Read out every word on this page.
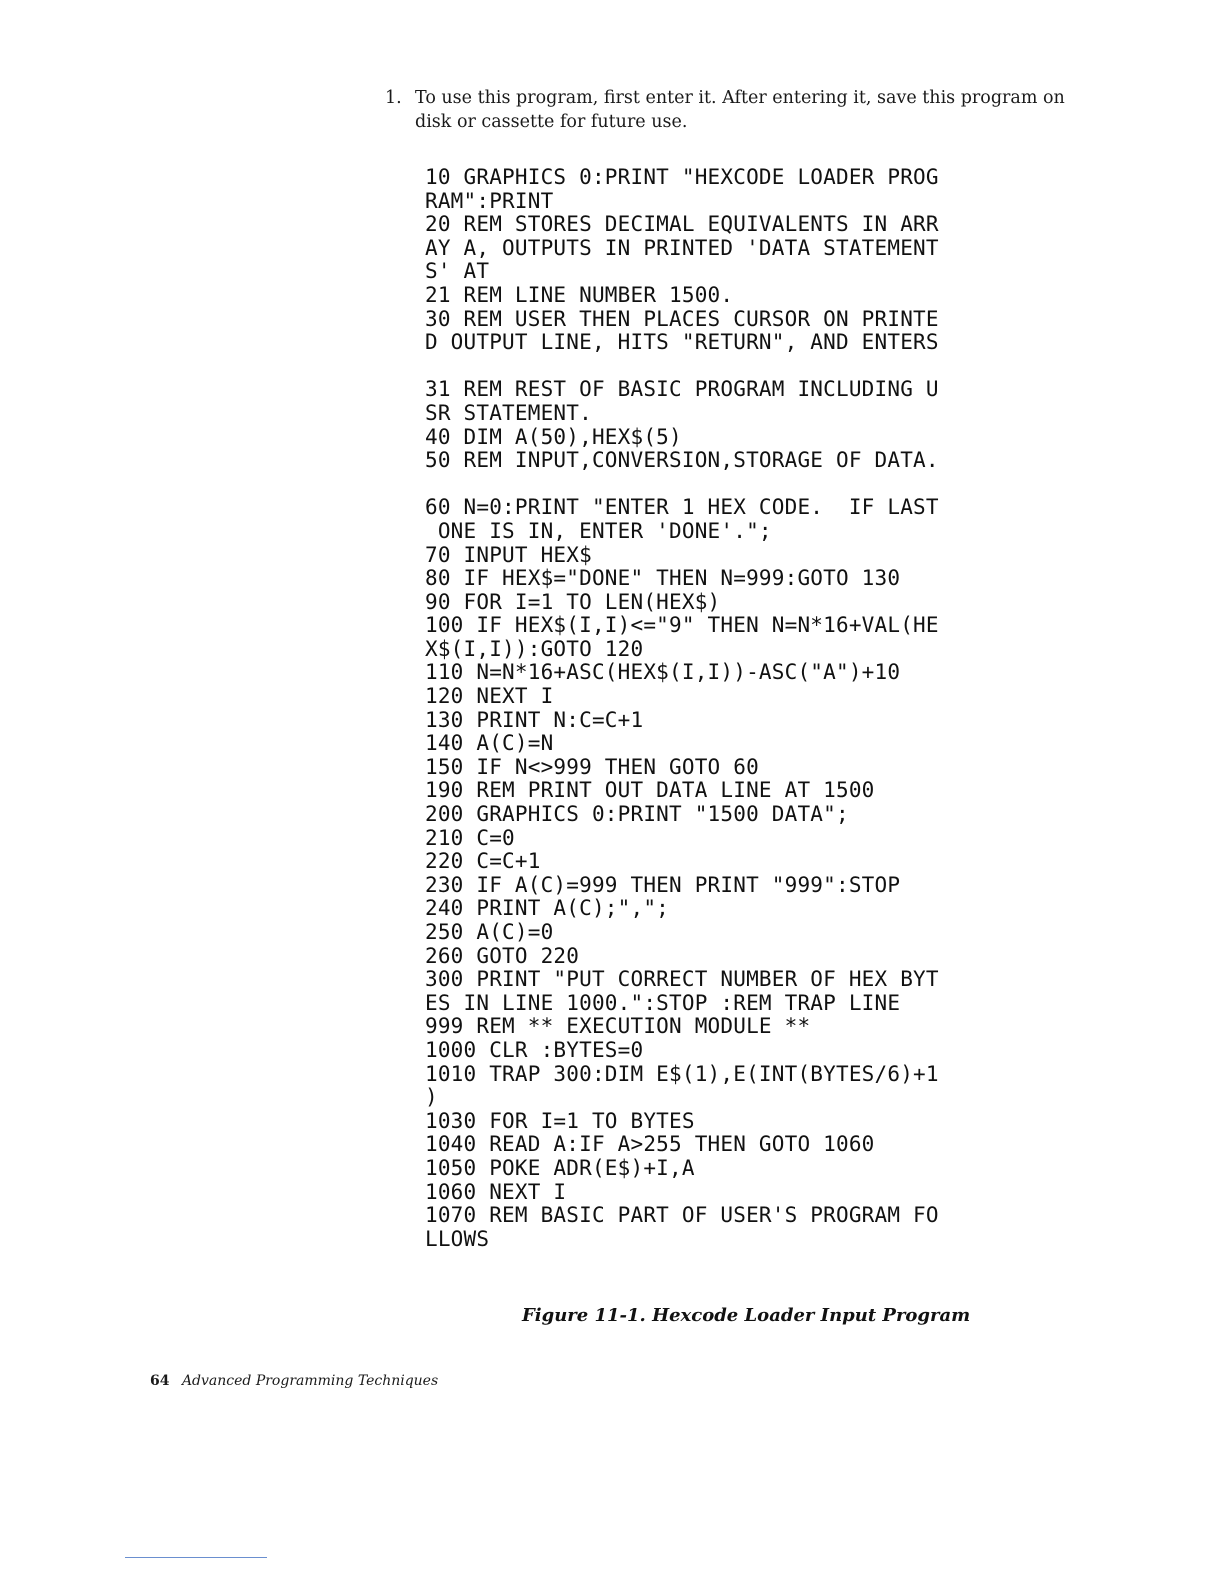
1. To use this program, first enter it. After entering it, save this program on disk or cassette for future use.
10 GRAPHICS 0:PRINT "HEXCODE LOADER PROG
RAM":PRINT
20 REM STORES DECIMAL EQUIVALENTS IN ARR
AY A, OUTPUTS IN PRINTED 'DATA STATEMENT
S' AT
21 REM LINE NUMBER 1500.
30 REM USER THEN PLACES CURSOR ON PRINTE
D OUTPUT LINE, HITS "RETURN", AND ENTERS
31 REM REST OF BASIC PROGRAM INCLUDING U
SR STATEMENT.
40 DIM A(50),HEX$(5)
50 REM INPUT,CONVERSION,STORAGE OF DATA.
60 N=0:PRINT "ENTER 1 HEX CODE.  IF LAST
ONE IS IN, ENTER 'DONE'.";
70 INPUT HEX$
80 IF HEX$="DONE" THEN N=999:GOTO 130
90 FOR I=1 TO LEN(HEX$)
100 IF HEX$(I,I)<="9" THEN N=N*16+VAL(HE
X$(I,I)):GOTO 120
110 N=N*16+ASC(HEX$(I,I))-ASC("A")+10
120 NEXT I
130 PRINT N:C=C+1
140 A(C)=N
150 IF N<>999 THEN GOTO 60
190 REM PRINT OUT DATA LINE AT 1500
200 GRAPHICS 0:PRINT "1500 DATA";
210 C=0
220 C=C+1
230 IF A(C)=999 THEN PRINT "999":STOP
240 PRINT A(C);",";
250 A(C)=0
260 GOTO 220
300 PRINT "PUT CORRECT NUMBER OF HEX BYT
ES IN LINE 1000.":STOP :REM TRAP LINE
999 REM ** EXECUTION MODULE **
1000 CLR :BYTES=0
1010 TRAP 300:DIM E$(1),E(INT(BYTES/6)+1
)
1030 FOR I=1 TO BYTES
1040 READ A:IF A>255 THEN GOTO 1060
1050 POKE ADR(E$)+I,A
1060 NEXT I
1070 REM BASIC PART OF USER'S PROGRAM FO
LLOWS
Figure 11-1. Hexcode Loader Input Program
64 Advanced Programming Techniques
